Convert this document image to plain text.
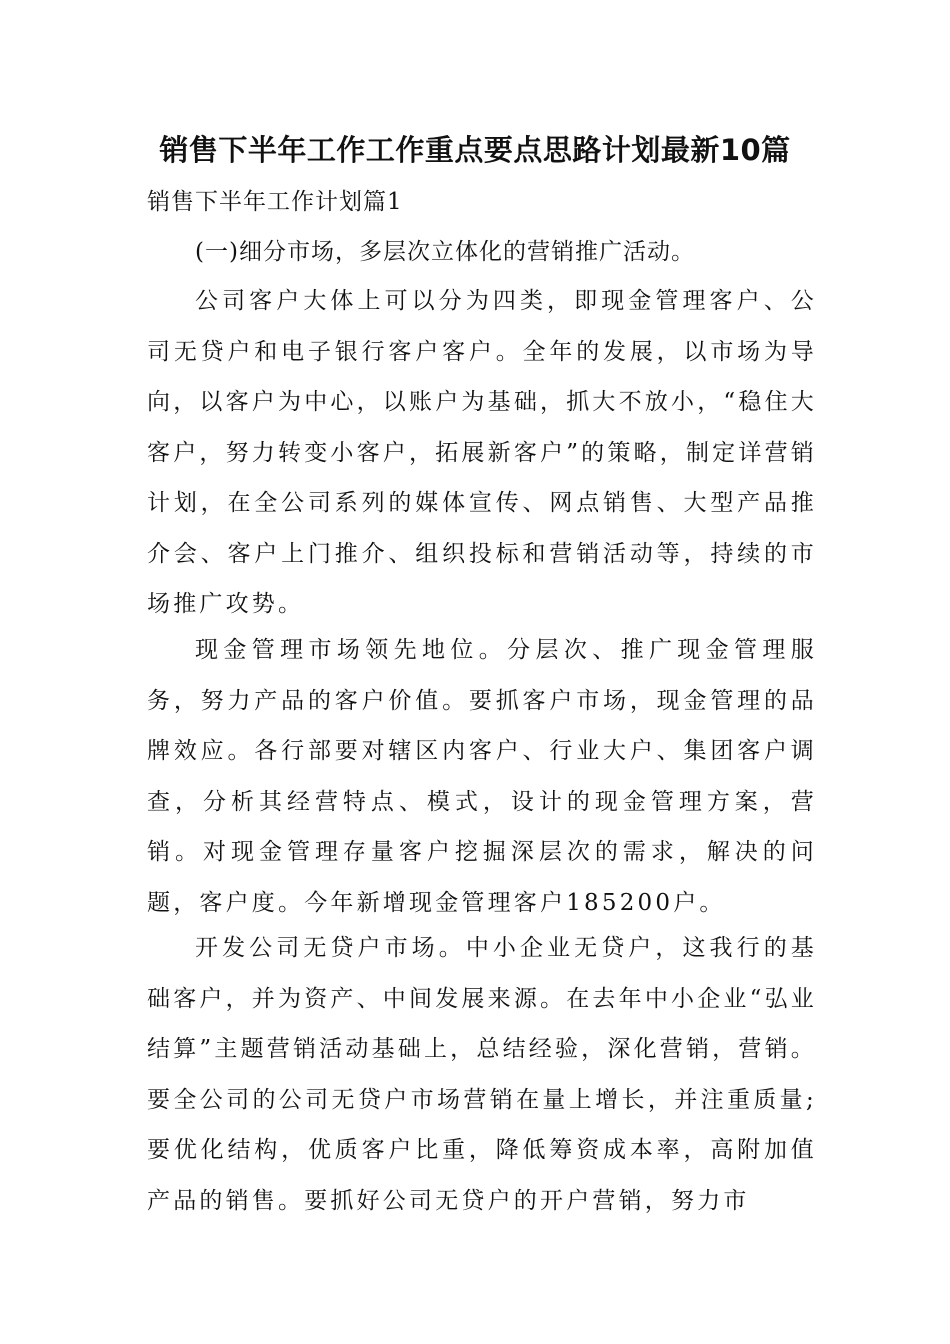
销售下半年工作工作重点要点思路计划最新10篇
销售下半年工作计划篇1
(一)细分市场，多层次立体化的营销推广活动。

公司客户大体上可以分为四类，即现金管理客户、公司无贷户和电子银行客户客户。全年的发展，以市场为导向，以客户为中心，以账户为基础，抓大不放小，“稳住大客户，努力转变小客户，拓展新客户”的策略，制定详营销计划，在全公司系列的媒体宣传、网点销售、大型产品推介会、客户上门推介、组织投标和营销活动等，持续的市场推广攻势。

现金管理市场领先地位。分层次、推广现金管理服务，努力产品的客户价值。要抓客户市场，现金管理的品牌效应。各行部要对辖区内客户、行业大户、集团客户调查，分析其经营特点、模式，设计的现金管理方案，营销。对现金管理存量客户挖掘深层次的需求，解决的问题，客户度。今年新增现金管理客户185200户。

开发公司无贷户市场。中小企业无贷户，这我行的基础客户，并为资产、中间发展来源。在去年中小企业“弘业结算”主题营销活动基础上，总结经验，深化营销，营销。要全公司的公司无贷户市场营销在量上增长，并注重质量;要优化结构，优质客户比重，降低筹资成本率，高附加值产品的销售。要抓好公司无贷户的开户营销，努力市
